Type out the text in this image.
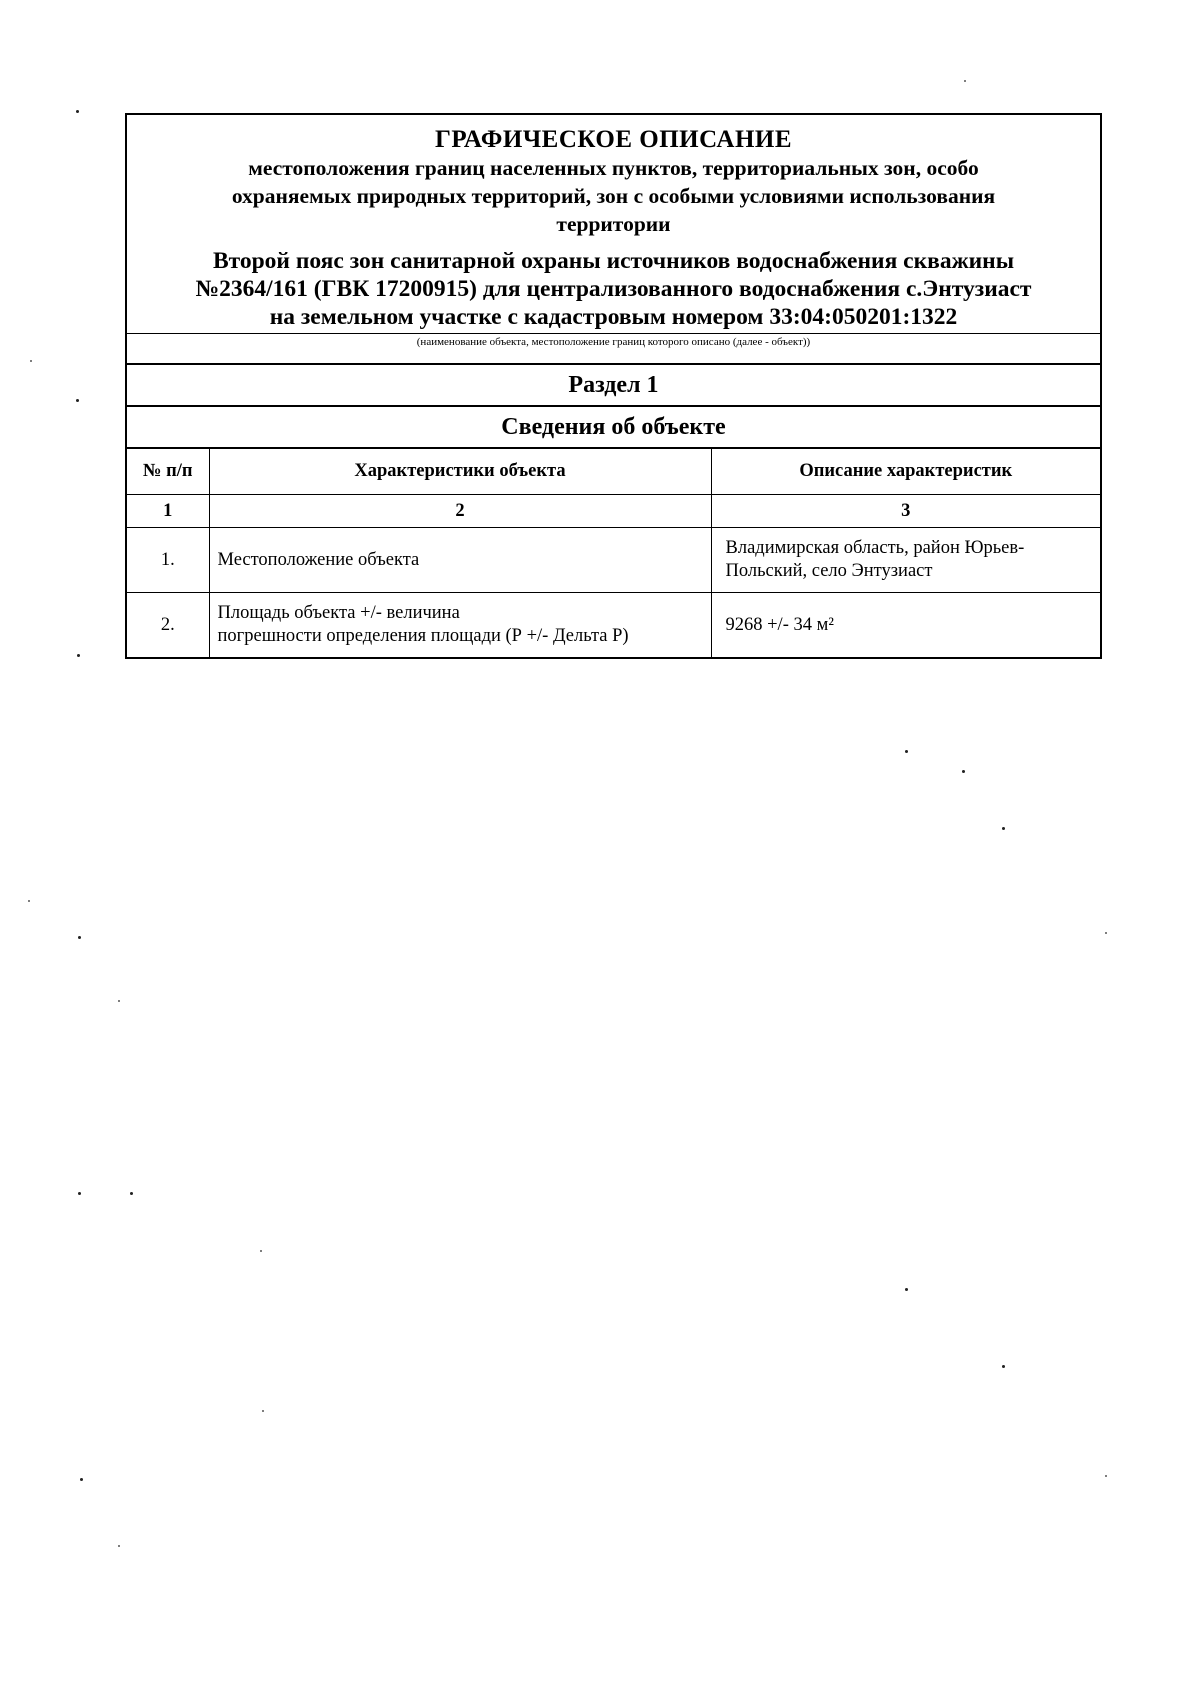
ГРАФИЧЕСКОЕ ОПИСАНИЕ

местоположения границ населенных пунктов, территориальных зон, особо
охраняемых природных территорий, зон с особыми условиями использования
территории

Второй пояс зон санитарной охраны источников водоснабжения скважины
№2364/161 (ГВК 17200915) для централизованного водоснабжения с.Энтузиаст
на земельном участке с кадастровым номером 33:04:050201:1322

(наименование объекта, местоположение границ которого описано (далее - объект))
Раздел 1
Сведения об объекте
№ п/п	Характеристики объекта	Описание характеристик
1	2	3
1.	Местоположение объекта	Владимирская область, район Юрьев-
Польский, село Энтузиаст
2.	Площадь объекта +/- величина
погрешности определения площади (Р +/- Дельта Р)	9268 +/- 34 м²
